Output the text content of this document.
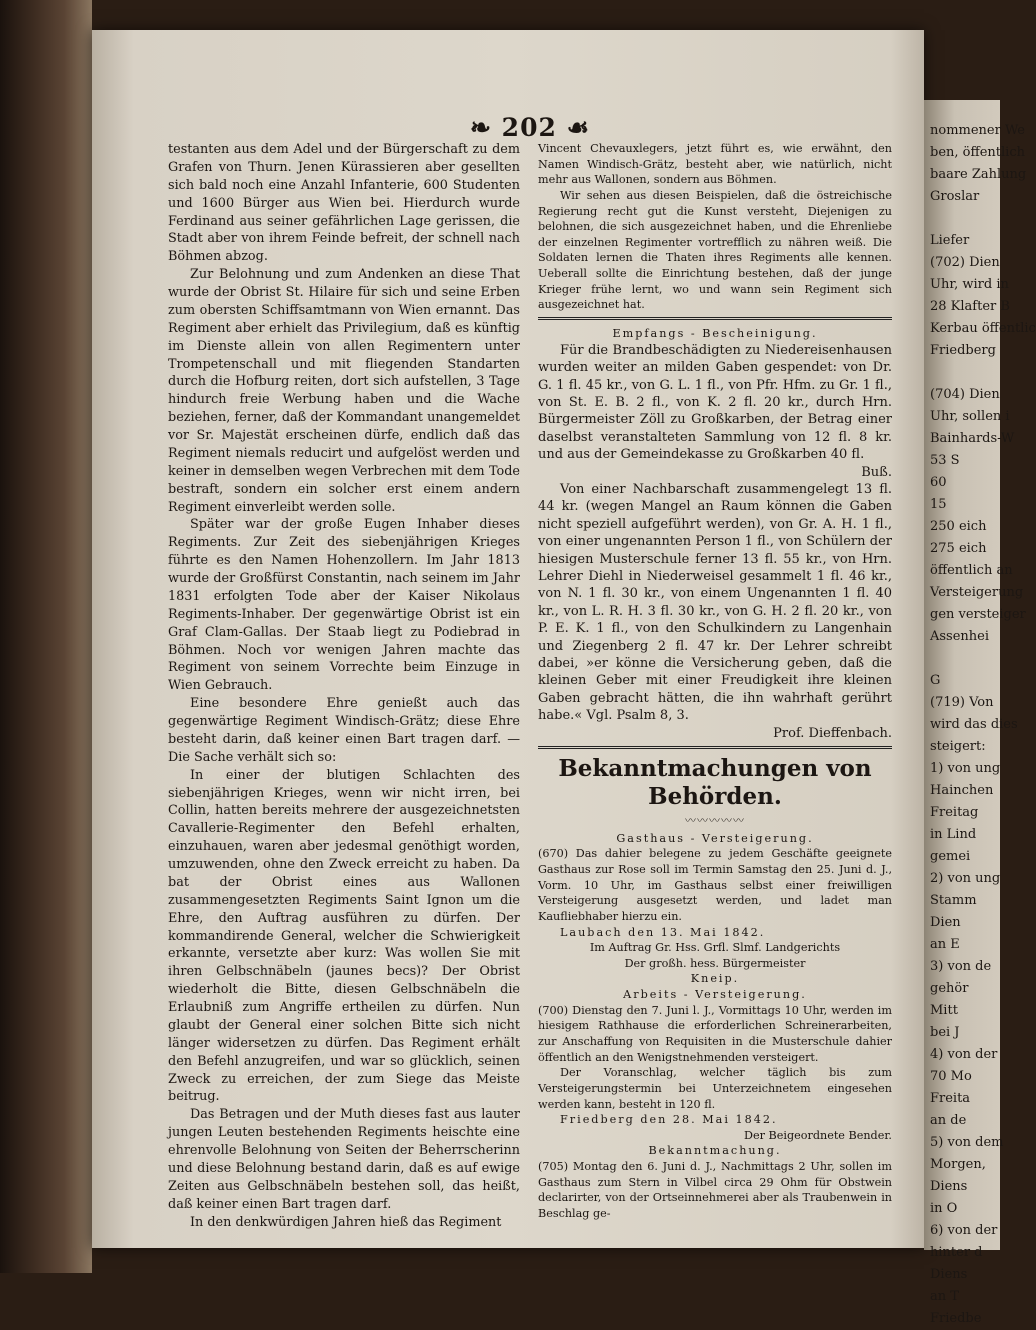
❧ 202 ☙

testanten aus dem Adel und der Bürgerschaft zu dem Grafen von Thurn. Jenen Kürassieren aber gesellten sich bald noch eine Anzahl Infanterie, 600 Studenten und 1600 Bürger aus Wien bei. Hierdurch wurde Ferdinand aus seiner gefährlichen Lage gerissen, die Stadt aber von ihrem Feinde befreit, der schnell nach Böhmen abzog.

Zur Belohnung und zum Andenken an diese That wurde der Obrist St. Hilaire für sich und seine Erben zum obersten Schiffsamtmann von Wien ernannt. Das Regiment aber erhielt das Privilegium, daß es künftig im Dienste allein von allen Regimentern unter Trompetenschall und mit fliegenden Standarten durch die Hofburg reiten, dort sich aufstellen, 3 Tage hindurch freie Werbung haben und die Wache beziehen, ferner, daß der Kommandant unangemeldet vor Sr. Majestät erscheinen dürfe, endlich daß das Regiment niemals reducirt und aufgelöst werden und keiner in demselben wegen Verbrechen mit dem Tode bestraft, sondern ein solcher erst einem andern Regiment einverleibt werden solle.

Später war der große Eugen Inhaber dieses Regiments. Zur Zeit des siebenjährigen Krieges führte es den Namen Hohenzollern. Im Jahr 1813 wurde der Großfürst Constantin, nach seinem im Jahr 1831 erfolgten Tode aber der Kaiser Nikolaus Regiments-Inhaber. Der gegenwärtige Obrist ist ein Graf Clam-Gallas. Der Staab liegt zu Podiebrad in Böhmen. Noch vor wenigen Jahren machte das Regiment von seinem Vorrechte beim Einzuge in Wien Gebrauch.

Eine besondere Ehre genießt auch das gegenwärtige Regiment Windisch-Grätz; diese Ehre besteht darin, daß keiner einen Bart tragen darf. — Die Sache verhält sich so:

In einer der blutigen Schlachten des siebenjährigen Krieges, wenn wir nicht irren, bei Collin, hatten bereits mehrere der ausgezeichnetsten Cavallerie-Regimenter den Befehl erhalten, einzuhauen, waren aber jedesmal genöthigt worden, umzuwenden, ohne den Zweck erreicht zu haben. Da bat der Obrist eines aus Wallonen zusammengesetzten Regiments Saint Ignon um die Ehre, den Auftrag ausführen zu dürfen. Der kommandirende General, welcher die Schwierigkeit erkannte, versetzte aber kurz: Was wollen Sie mit ihren Gelbschnäbeln (jaunes becs)? Der Obrist wiederholt die Bitte, diesen Gelbschnäbeln die Erlaubniß zum Angriffe ertheilen zu dürfen. Nun glaubt der General einer solchen Bitte sich nicht länger widersetzen zu dürfen. Das Regiment erhält den Befehl anzugreifen, und war so glücklich, seinen Zweck zu erreichen, der zum Siege das Meiste beitrug.

Das Betragen und der Muth dieses fast aus lauter jungen Leuten bestehenden Regiments heischte eine ehrenvolle Belohnung von Seiten der Beherrscherinn und diese Belohnung bestand darin, daß es auf ewige Zeiten aus Gelbschnäbeln bestehen soll, das heißt, daß keiner einen Bart tragen darf.

In den denkwürdigen Jahren hieß das Regiment

Vincent Chevauxlegers, jetzt führt es, wie erwähnt, den Namen Windisch-Grätz, besteht aber, wie natürlich, nicht mehr aus Wallonen, sondern aus Böhmen.

Wir sehen aus diesen Beispielen, daß die östreichische Regierung recht gut die Kunst versteht, Diejenigen zu belohnen, die sich ausgezeichnet haben, und die Ehrenliebe der einzelnen Regimenter vortrefflich zu nähren weiß. Die Soldaten lernen die Thaten ihres Regiments alle kennen. Ueberall sollte die Einrichtung bestehen, daß der junge Krieger frühe lernt, wo und wann sein Regiment sich ausgezeichnet hat.

Empfangs - Bescheinigung.

Für die Brandbeschädigten zu Niedereisenhausen wurden weiter an milden Gaben gespendet: von Dr. G. 1 fl. 45 kr., von G. L. 1 fl., von Pfr. Hfm. zu Gr. 1 fl., von St. E. B. 2 fl., von K. 2 fl. 20 kr., durch Hrn. Bürgermeister Zöll zu Großkarben, der Betrag einer daselbst veranstalteten Sammlung von 12 fl. 8 kr. und aus der Gemeindekasse zu Großkarben 40 fl.

Buß.

Von einer Nachbarschaft zusammengelegt 13 fl. 44 kr. (wegen Mangel an Raum können die Gaben nicht speziell aufgeführt werden), von Gr. A. H. 1 fl., von einer ungenannten Person 1 fl., von Schülern der hiesigen Musterschule ferner 13 fl. 55 kr., von Hrn. Lehrer Diehl in Niederweisel gesammelt 1 fl. 46 kr., von N. 1 fl. 30 kr., von einem Ungenannten 1 fl. 40 kr., von L. R. H. 3 fl. 30 kr., von G. H. 2 fl. 20 kr., von P. E. K. 1 fl., von den Schulkindern zu Langenhain und Ziegenberg 2 fl. 47 kr. Der Lehrer schreibt dabei, »er könne die Versicherung geben, daß die kleinen Geber mit einer Freudigkeit ihre kleinen Gaben gebracht hätten, die ihn wahrhaft gerührt habe.« Vgl. Psalm 8, 3.

Prof. Dieffenbach.

Bekanntmachungen von Behörden.

〰〰〰〰〰

Gasthaus - Versteigerung.

(670) Das dahier belegene zu jedem Geschäfte geeignete Gasthaus zur Rose soll im Termin Samstag den 25. Juni d. J., Vorm. 10 Uhr, im Gasthaus selbst einer freiwilligen Versteigerung ausgesetzt werden, und ladet man Kaufliebhaber hierzu ein.

Laubach den 13. Mai 1842.

Im Auftrag Gr. Hss. Grfl. Slmf. Landgerichts

Der großh. hess. Bürgermeister

Kneip.

Arbeits - Versteigerung.

(700) Dienstag den 7. Juni l. J., Vormittags 10 Uhr, werden im hiesigem Rathhause die erforderlichen Schreinerarbeiten, zur Anschaffung von Requisiten in die Musterschule dahier öffentlich an den Wenigstnehmenden versteigert.

Der Voranschlag, welcher täglich bis zum Versteigerungstermin bei Unterzeichnetem eingesehen werden kann, besteht in 120 fl.

Friedberg den 28. Mai 1842.

Der Beigeordnete Bender.

Bekanntmachung.

(705) Montag den 6. Juni d. J., Nachmittags 2 Uhr, sollen im Gasthaus zum Stern in Vilbel circa 29 Ohm für Obstwein declarirter, von der Ortseinnehmerei aber als Traubenwein in Beschlag ge-

nommener We
ben, öffentlich
baare Zahlung
Groslar

Liefer
(702) Dien
Uhr, wird in
28 Klafter B
Kerbau öffentlic
Friedberg

(704) Dien
Uhr, sollen i
Bainhards-W
53 S
60
15
250 eich
275 eich
öffentlich an
Versteigerung
gen versteiger
Assenhei

G
(719) Von
wird das dies
steigert:
1) von ung
Hainchen
Freitag
in Lind
gemei
2) von ung
Stamm
Dien
an E
3) von de
gehör
Mitt
bei J
4) von der
70 Mo
Freita
an de
5) von dem
Morgen,
Diens
in O
6) von der
hinter d
Diens
an T
Friedbe
